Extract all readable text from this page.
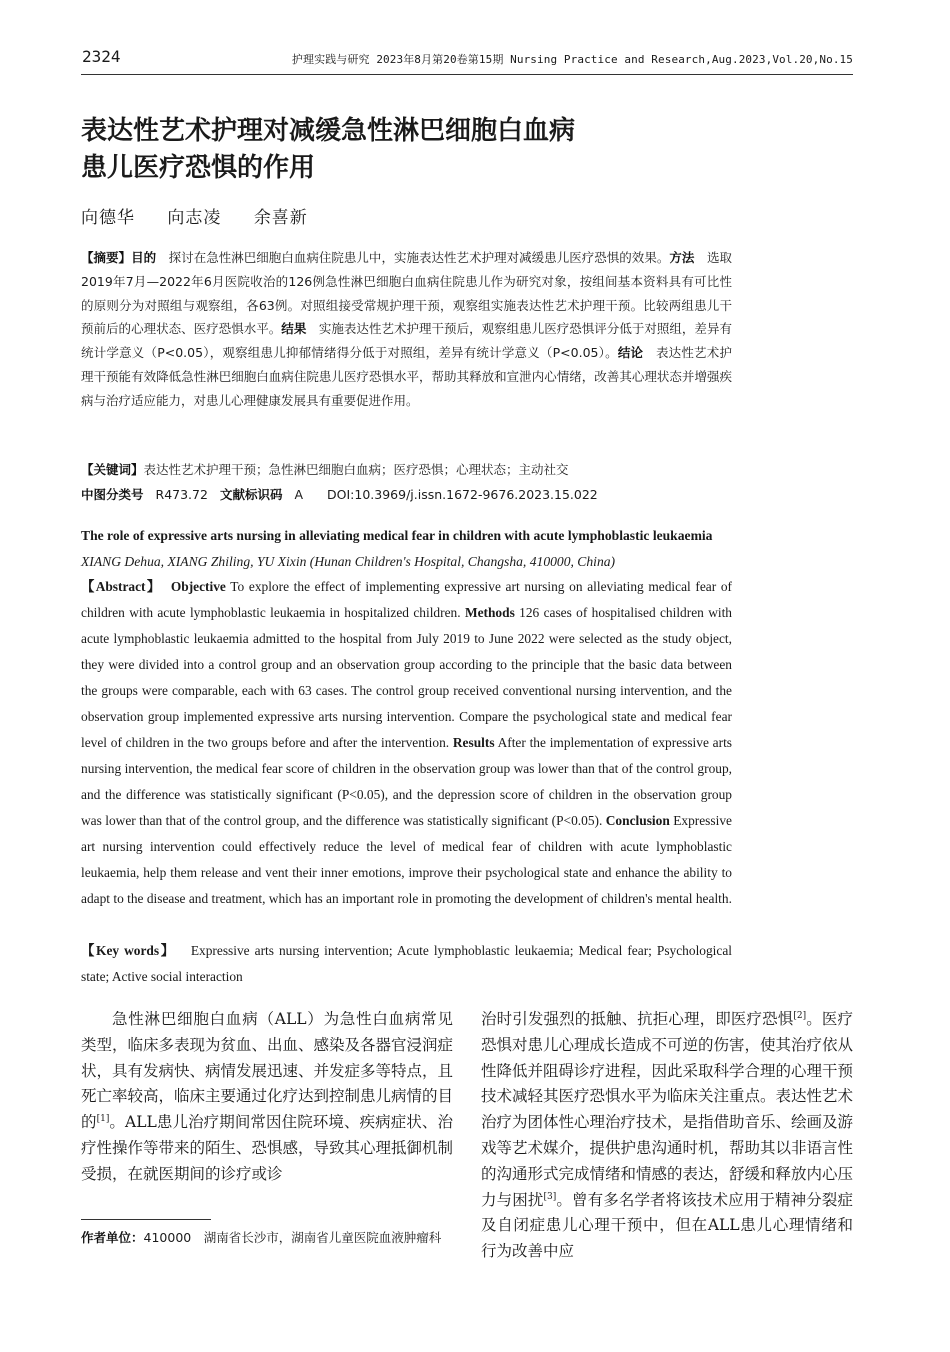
2324	护理实践与研究 2023年8月第20卷第15期 Nursing Practice and Research,Aug.2023,Vol.20,No.15
表达性艺术护理对减缓急性淋巴细胞白血病
患儿医疗恐惧的作用
向德华 向志凌 余喜新
【摘要】目的　 探讨在急性淋巴细胞白血病住院患儿中，实施表达性艺术护理对减缓患儿医疗恐惧的效果。方法　 选取2019年7月—2022年6月医院收治的126例急性淋巴细胞白血病住院患儿作为研究对象，按组间基本资料具有可比性的原则分为对照组与观察组，各63例。对照组接受常规护理干预，观察组实施表达性艺术护理干预。比较两组患儿干预前后的心理状态、医疗恐惧水平。结果　 实施表达性艺术护理干预后，观察组患儿医疗恐惧评分低于对照组，差异有统计学意义（P<0.05），观察组患儿抑郁情绪得分低于对照组，差异有统计学意义（P<0.05）。结论　 表达性艺术护理干预能有效降低急性淋巴细胞白血病住院患儿医疗恐惧水平，帮助其释放和宣泄内心情绪，改善其心理状态并增强疾病与治疗适应能力，对患儿心理健康发展具有重要促进作用。
【关键词】表达性艺术护理干预；急性淋巴细胞白血病；医疗恐惧；心理状态；主动社交
中图分类号 R473.72 文献标识码 A DOI:10.3969/j.issn.1672-9676.2023.15.022
The role of expressive arts nursing in alleviating medical fear in children with acute lymphoblastic leukaemia XIANG Dehua, XIANG Zhiling, YU Xixin (Hunan Children's Hospital, Changsha, 410000, China)
【Abstract】 Objective To explore the effect of implementing expressive art nursing on alleviating medical fear of children with acute lymphoblastic leukaemia in hospitalized children. Methods 126 cases of hospitalised children with acute lymphoblastic leukaemia admitted to the hospital from July 2019 to June 2022 were selected as the study object, they were divided into a control group and an observation group according to the principle that the basic data between the groups were comparable, each with 63 cases. The control group received conventional nursing intervention, and the observation group implemented expressive arts nursing intervention. Compare the psychological state and medical fear level of children in the two groups before and after the intervention. Results After the implementation of expressive arts nursing intervention, the medical fear score of children in the observation group was lower than that of the control group, and the difference was statistically significant (P<0.05), and the depression score of children in the observation group was lower than that of the control group, and the difference was statistically significant (P<0.05). Conclusion Expressive art nursing intervention could effectively reduce the level of medical fear of children with acute lymphoblastic leukaemia, help them release and vent their inner emotions, improve their psychological state and enhance the ability to adapt to the disease and treatment, which has an important role in promoting the development of children's mental health.
【Key words】 Expressive arts nursing intervention; Acute lymphoblastic leukaemia; Medical fear; Psychological state; Active social interaction
急性淋巴细胞白血病（ALL）为急性白血病常见类型，临床多表现为贫血、出血、感染及各器官浸润症状，具有发病快、病情发展迅速、并发症多等特点，且死亡率较高，临床主要通过化疗达到控制患儿病情的目的[1]。ALL患儿治疗期间常因住院环境、疾病症状、治疗性操作等带来的陌生、恐惧感，导致其心理抵御机制受损，在就医期间的诊疗或诊
治时引发强烈的抵触、抗拒心理，即医疗恐惧[2]。医疗恐惧对患儿心理成长造成不可逆的伤害，使其治疗依从性降低并阻碍诊疗进程，因此采取科学合理的心理干预技术减轻其医疗恐惧水平为临床关注重点。表达性艺术治疗为团体性心理治疗技术，是指借助音乐、绘画及游戏等艺术媒介，提供护患沟通时机，帮助其以非语言性的沟通形式完成情绪和情感的表达，舒缓和释放内心压力与困扰[3]。曾有多名学者将该技术应用于精神分裂症及自闭症患儿心理干预中，但在ALL患儿心理情绪和行为改善中应
作者单位：410000　湖南省长沙市，湖南省儿童医院血液肿瘤科
